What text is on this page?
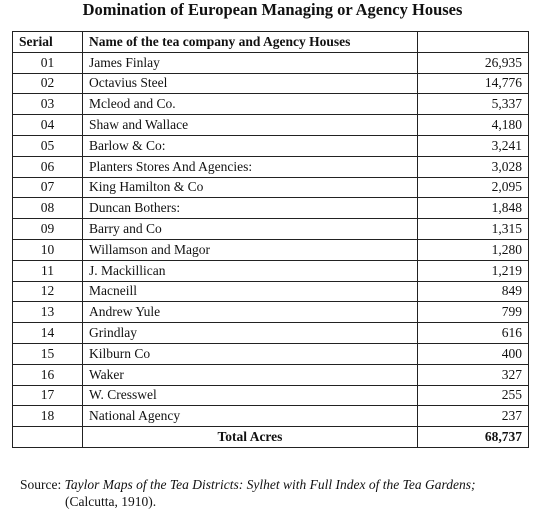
Domination of European Managing or Agency Houses
Serial	Name of the tea company and Agency Houses	
01	James Finlay	26,935
02	Octavius Steel	14,776
03	Mcleod and Co.	5,337
04	Shaw and Wallace	4,180
05	Barlow & Co:	3,241
06	Planters Stores And Agencies:	3,028
07	King Hamilton & Co	2,095
08	Duncan Bothers:	1,848
09	Barry and Co	1,315
10	Willamson and Magor	1,280
11	J. Mackillican	1,219
12	Macneill	849
13	Andrew Yule	799
14	Grindlay	616
15	Kilburn Co	400
16	Waker	327
17	W. Cresswel	255
18	National Agency	237
	Total Acres	68,737
Source: Taylor Maps of the Tea Districts: Sylhet with Full Index of the Tea Gardens;
(Calcutta, 1910).
